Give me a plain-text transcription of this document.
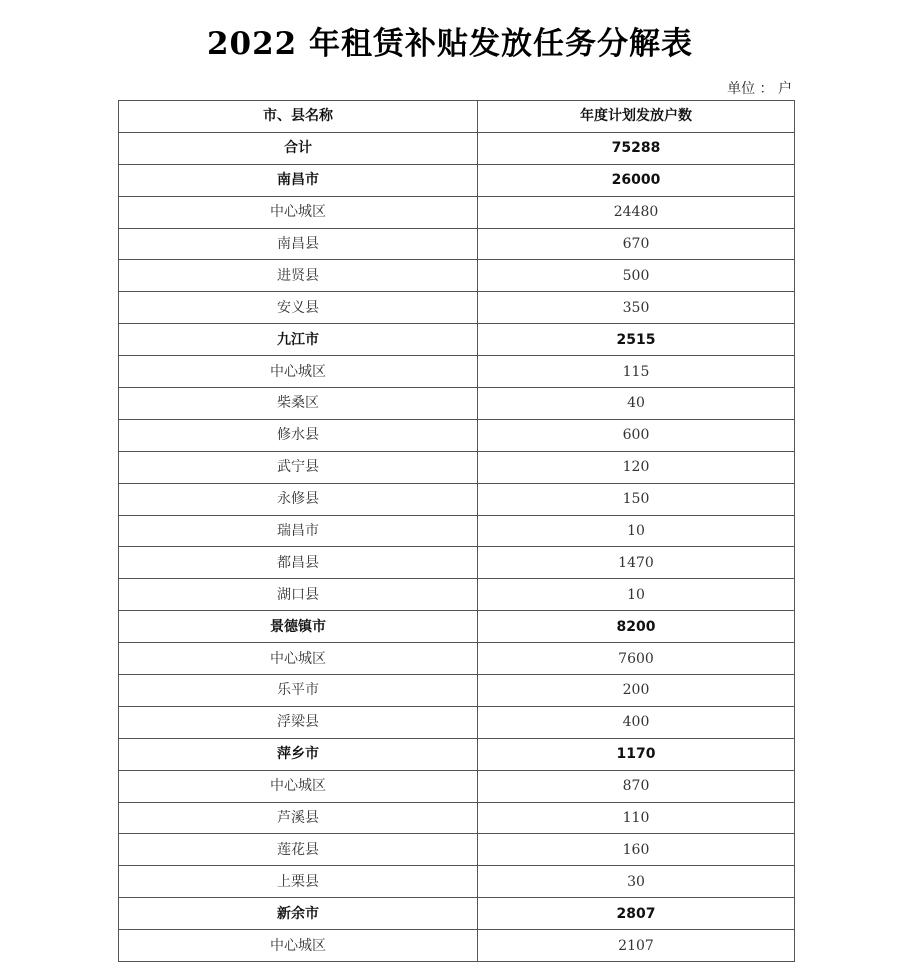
2022 年租赁补贴发放任务分解表
单位 ： 户
市、县名称	年度计划发放户数
合计	75288
南昌市	26000
中心城区	24480
南昌县	670
进贤县	500
安义县	350
九江市	2515
中心城区	115
柴桑区	40
修水县	600
武宁县	120
永修县	150
瑞昌市	10
都昌县	1470
湖口县	10
景德镇市	8200
中心城区	7600
乐平市	200
浮梁县	400
萍乡市	1170
中心城区	870
芦溪县	110
莲花县	160
上栗县	30
新余市	2807
中心城区	2107
